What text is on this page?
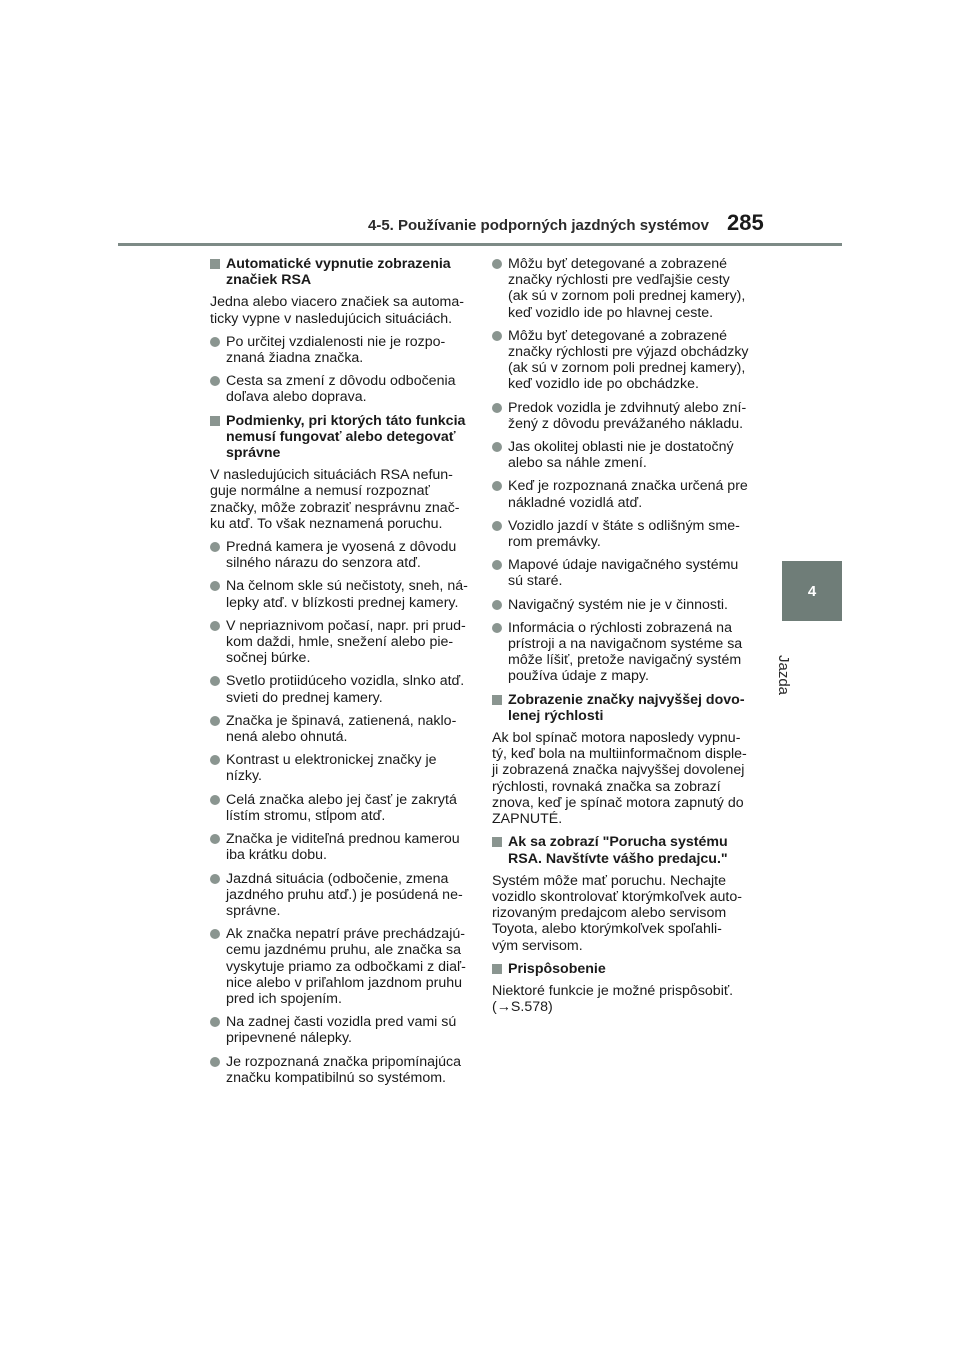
4-5. Používanie podporných jazdných systémov 285
4
Jazda
Automatické vypnutie zobrazenia
značiek RSA
Jedna alebo viacero značiek sa automa-
ticky vypne v nasledujúcich situáciách.
Po určitej vzdialenosti nie je rozpo-
znaná žiadna značka.
Cesta sa zmení z dôvodu odbočenia
doľava alebo doprava.
Podmienky, pri ktorých táto funkcia
nemusí fungovať alebo detegovať
správne
V nasledujúcich situáciách RSA nefun-
guje normálne a nemusí rozpoznať
značky, môže zobraziť nesprávnu znač-
ku atď. To však neznamená poruchu.
Predná kamera je vyosená z dôvodu
silného nárazu do senzora atď.
Na čelnom skle sú nečistoty, sneh, ná-
lepky atď. v blízkosti prednej kamery.
V nepriaznivom počasí, napr. pri prud-
kom daždi, hmle, snežení alebo pie-
sočnej búrke.
Svetlo protiidúceho vozidla, slnko atď.
svieti do prednej kamery.
Značka je špinavá, zatienená, naklo-
nená alebo ohnutá.
Kontrast u elektronickej značky je
nízky.
Celá značka alebo jej časť je zakrytá
lístím stromu, stĺpom atď.
Značka je viditeľná prednou kamerou
iba krátku dobu.
Jazdná situácia (odbočenie, zmena
jazdného pruhu atď.) je posúdená ne-
správne.
Ak značka nepatrí práve prechádzajú-
cemu jazdnému pruhu, ale značka sa
vyskytuje priamo za odbočkami z diaľ-
nice alebo v priľahlom jazdnom pruhu
pred ich spojením.
Na zadnej časti vozidla pred vami sú
pripevnené nálepky.
Je rozpoznaná značka pripomínajúca
značku kompatibilnú so systémom.
Môžu byť detegované a zobrazené
značky rýchlosti pre vedľajšie cesty
(ak sú v zornom poli prednej kamery),
keď vozidlo ide po hlavnej ceste.
Môžu byť detegované a zobrazené
značky rýchlosti pre výjazd obchádzky
(ak sú v zornom poli prednej kamery),
keď vozidlo ide po obchádzke.
Predok vozidla je zdvihnutý alebo zní-
žený z dôvodu prevážaného nákladu.
Jas okolitej oblasti nie je dostatočný
alebo sa náhle zmení.
Keď je rozpoznaná značka určená pre
nákladné vozidlá atď.
Vozidlo jazdí v štáte s odlišným sme-
rom premávky.
Mapové údaje navigačného systému
sú staré.
Navigačný systém nie je v činnosti.
Informácia o rýchlosti zobrazená na
prístroji a na navigačnom systéme sa
môže líšiť, pretože navigačný systém
používa údaje z mapy.
Zobrazenie značky najvyššej dovo-
lenej rýchlosti
Ak bol spínač motora naposledy vypnu-
tý, keď bola na multiinformačnom disple-
ji zobrazená značka najvyššej dovolenej
rýchlosti, rovnaká značka sa zobrazí
znova, keď je spínač motora zapnutý do
ZAPNUTÉ.
Ak sa zobrazí "Porucha systému
RSA. Navštívte vášho predajcu."
Systém môže mať poruchu. Nechajte
vozidlo skontrolovať ktorýmkoľvek auto-
rizovaným predajcom alebo servisom
Toyota, alebo ktorýmkoľvek spoľahli-
vým servisom.
Prispôsobenie
Niektoré funkcie je možné prispôsobiť.
(→S.578)
